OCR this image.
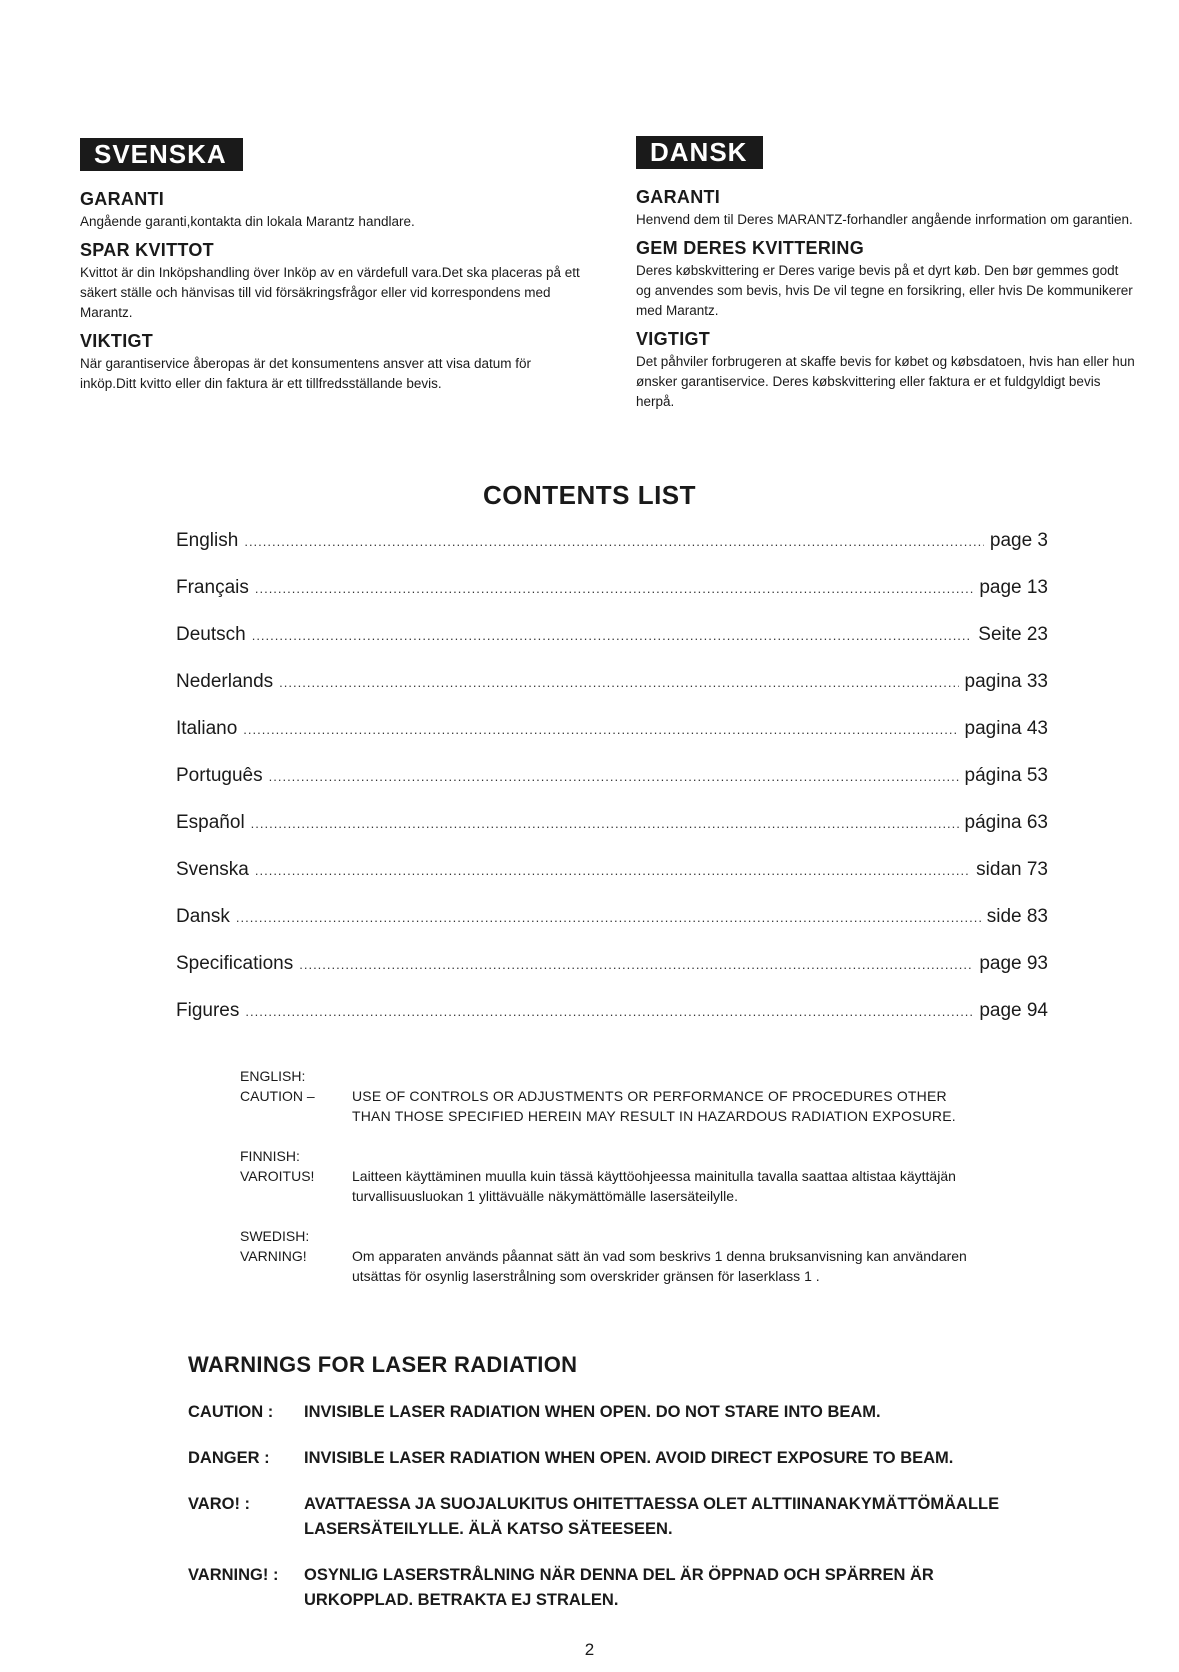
SVENSKA
GARANTI

Angående garanti,kontakta din lokala Marantz handlare.

SPAR KVITTOT

Kvittot är din Inköpshandling över Inköp av en värdefull vara.Det ska placeras på ett säkert ställe och hänvisas till vid försäkringsfrågor eller vid korrespondens med Marantz.

VIKTIGT

När garantiservice åberopas är det konsumentens ansver att visa datum för inköp.Ditt kvitto eller din faktura är ett tillfredsställande bevis.

DANSK
GARANTI

Henvend dem til Deres MARANTZ-forhandler angående inrformation om garantien.

GEM DERES KVITTERING

Deres købskvittering er Deres varige bevis på et dyrt køb. Den bør gemmes godt og anvendes som bevis, hvis De vil tegne en forsikring, eller hvis De kommunikerer med Marantz.

VIGTIGT

Det påhviler forbrugeren at skaffe bevis for købet og købsdatoen, hvis han eller hun ønsker garantiservice. Deres købskvittering eller faktura er et fuldgyldigt bevis herpå.

CONTENTS LIST
English .....	page 3
Français .....	page 13
Deutsch .....	Seite 23
Nederlands .....	pagina 33
Italiano .....	pagina 43
Português .....	página 53
Español .....	página 63
Svenska .....	sidan 73
Dansk .....	side 83
Specifications .....	page 93
Figures .....	page 94
ENGLISH:
CAUTION –	USE OF CONTROLS OR ADJUSTMENTS OR PERFORMANCE OF PROCEDURES OTHER THAN THOSE SPECIFIED HEREIN MAY RESULT IN HAZARDOUS RADIATION EXPOSURE.
FINNISH:
VAROITUS!	Laitteen käyttäminen muulla kuin tässä käyttöohjeessa mainitulla tavalla saattaa altistaa käyttäjän turvallisuusluokan 1 ylittävuälle näkymättömälle lasersäteilylle.
SWEDISH:
VARNING!	Om apparaten används påannat sätt än vad som beskrivs 1 denna bruksanvisning kan användaren utsättas för osynlig laserstrålning som overskrider gränsen för laserklass 1 .
WARNINGS FOR LASER RADIATION
CAUTION :	INVISIBLE LASER RADIATION WHEN OPEN. DO NOT STARE INTO BEAM.
DANGER :	INVISIBLE LASER RADIATION WHEN OPEN. AVOID DIRECT EXPOSURE TO BEAM.
VARO! :	AVATTAESSA JA SUOJALUKITUS OHITETTAESSA OLET ALTTIINANAKYMÄTTÖMÄALLE LASERSÄTEILYLLE. ÄLÄ KATSO SÄTEESEEN.
VARNING! :	OSYNLIG LASERSTRÅLNING NÄR DENNA DEL ÄR ÖPPNAD OCH SPÄRREN ÄR URKOPPLAD. BETRAKTA EJ STRALEN.
2
